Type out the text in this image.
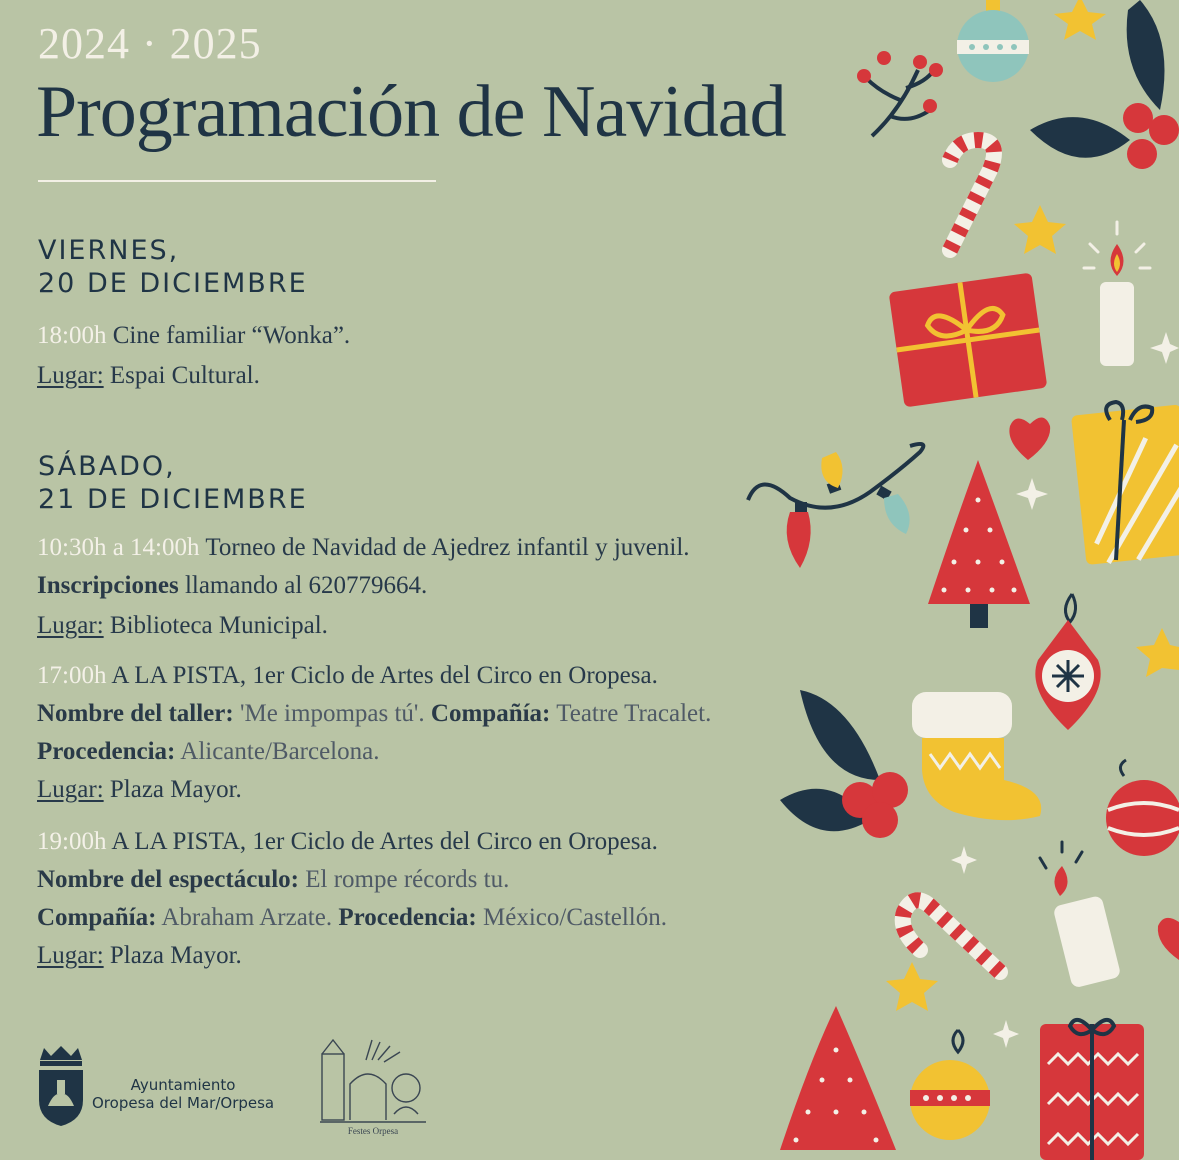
2024 · 2025
Programación de Navidad
VIERNES,
20 DE DICIEMBRE
18:00h Cine familiar “Wonka”.
Lugar: Espai Cultural.
SÁBADO,
21 DE DICIEMBRE
10:30h a 14:00h Torneo de Navidad de Ajedrez infantil y juvenil.
Inscripciones llamando al 620779664.
Lugar: Biblioteca Municipal.
17:00h A LA PISTA, 1er Ciclo de Artes del Circo en Oropesa.
Nombre del taller: 'Me impompas tú'. Compañía: Teatre Tracalet.
Procedencia: Alicante/Barcelona.
Lugar: Plaza Mayor.
19:00h A LA PISTA, 1er Ciclo de Artes del Circo en Oropesa.
Nombre del espectáculo: El rompe récords tu.
Compañía: Abraham Arzate. Procedencia: México/Castellón.
Lugar: Plaza Mayor.
Ayuntamiento
Oropesa del Mar/Orpesa
Festes Orpesa
